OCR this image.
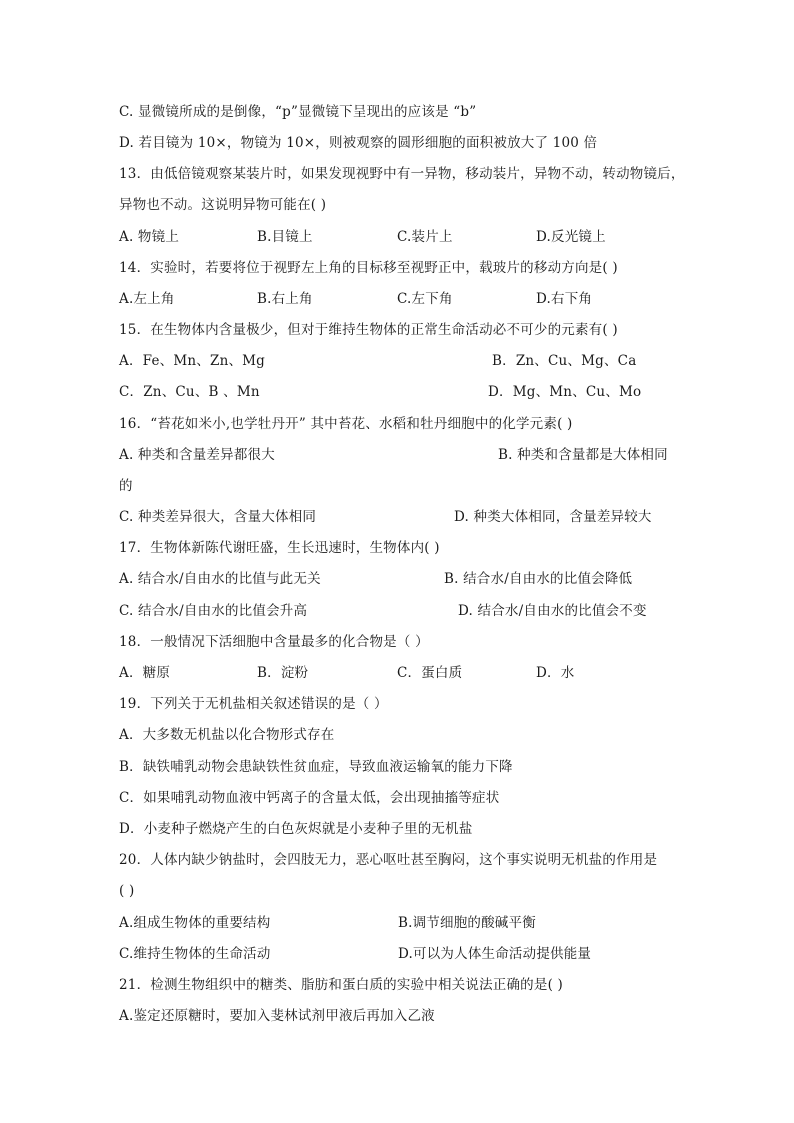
C. 显微镜所成的是倒像，“p”显微镜下呈现出的应该是 “b”
D. 若目镜为 10×，物镜为 10×，则被观察的圆形细胞的面积被放大了 100 倍
13．由低倍镜观察某装片时，如果发现视野中有一异物，移动装片，异物不动，转动物镜后，
异物也不动。这说明异物可能在( )
A. 物镜上	B.目镜上	C.装片上	D.反光镜上
14．实验时，若要将位于视野左上角的目标移至视野正中，载玻片的移动方向是( )
A.左上角	B.右上角	C.左下角	D.右下角
15．在生物体内含量极少，但对于维持生物体的正常生命活动必不可少的元素有( )
A．Fe、Mn、Zn、Mg	B．Zn、Cu、Mg、Ca
C．Zn、Cu、B 、Mn	D．Mg、Mn、Cu、Mo
16．“苔花如米小,也学牡丹开” 其中苔花、水稻和牡丹细胞中的化学元素( )
A. 种类和含量差异都很大	B. 种类和含量都是大体相同
的
C. 种类差异很大，含量大体相同	D. 种类大体相同，含量差异较大
17．生物体新陈代谢旺盛，生长迅速时，生物体内( )
A. 结合水/自由水的比值与此无关	B. 结合水/自由水的比值会降低
C. 结合水/自由水的比值会升高	D. 结合水/自由水的比值会不变
18．一般情况下活细胞中含量最多的化合物是（ ）
A．糖原	B．淀粉	C．蛋白质	D．水
19．下列关于无机盐相关叙述错误的是（ ）
A．大多数无机盐以化合物形式存在
B．缺铁哺乳动物会患缺铁性贫血症，导致血液运输氧的能力下降
C．如果哺乳动物血液中钙离子的含量太低，会出现抽搐等症状
D．小麦种子燃烧产生的白色灰烬就是小麦种子里的无机盐
20．人体内缺少钠盐时，会四肢无力，恶心呕吐甚至胸闷，这个事实说明无机盐的作用是
( )
A.组成生物体的重要结构	B.调节细胞的酸碱平衡
C.维持生物体的生命活动	D.可以为人体生命活动提供能量
21．检测生物组织中的糖类、脂肪和蛋白质的实验中相关说法正确的是( )
A.鉴定还原糖时，要加入斐林试剂甲液后再加入乙液
